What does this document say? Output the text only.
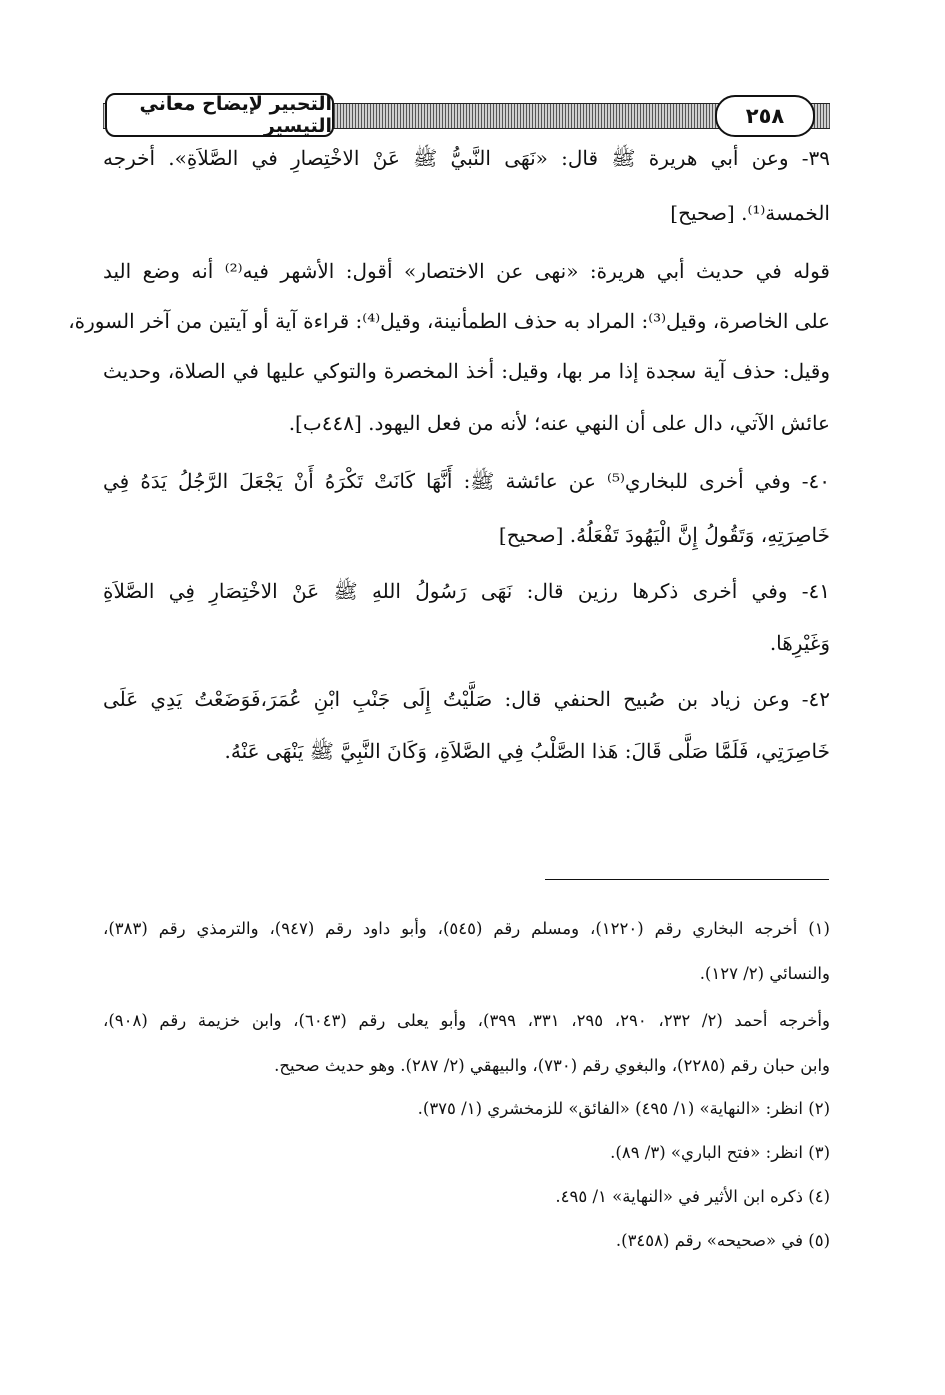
التحبير لإيضاح معاني التيسير	٢٥٨
٣٩- وعن أبي هريرة ﷺ قال: «نَهَى النَّبيُّ ﷺ عَنْ الاخْتِصارِ في الصَّلاَةِ». أخرجه
الخمسة⁽¹⁾. [صحيح]
قوله في حديث أبي هريرة: «نهى عن الاختصار» أقول: الأشهر فيه⁽²⁾ أنه وضع اليد
على الخاصرة، وقيل⁽³⁾: المراد به حذف الطمأنينة، وقيل⁽⁴⁾: قراءة آية أو آيتين من آخر السورة،
وقيل: حذف آية سجدة إذا مر بها، وقيل: أخذ المخصرة والتوكي عليها في الصلاة، وحديث
عائش الآتي، دال على أن النهي عنه؛ لأنه من فعل اليهود. [٤٤٨ب].
٤٠- وفي أخرى للبخاري⁽⁵⁾ عن عائشة ﷺ: أَنَّهَا كَانَتْ تَكْرَهُ أَنْ يَجْعَلَ الرَّجُلُ يَدَهُ فِي
خَاصِرَتِهِ، وَتَقُولُ إِنَّ الْيَهُودَ تَفْعَلُهُ. [صحيح]
٤١- وفي أخرى ذكرها رزين قال: نَهَى رَسُولُ اللهِ ﷺ عَنْ الاخْتِصَارِ فِي الصَّلاَةِ
وَغَيْرِهَا.
٤٢- وعن زياد بن صُبيح الحنفي قال: صَلَّيْتُ إِلَى جَنْبِ ابْنِ عُمَرَ،فَوَضَعْتُ يَدِي عَلَى
خَاصِرَتِي، فَلَمَّا صَلَّى قَالَ: هَذا الصَّلْبُ فِي الصَّلاَةِ، وَكَانَ النَّبِيَّ ﷺ يَنْهَى عَنْهُ.
(١) أخرجه البخاري رقم (١٢٢٠)، ومسلم رقم (٥٤٥)، وأبو داود رقم (٩٤٧)، والترمذي رقم (٣٨٣)،
والنسائي (٢/ ١٢٧).
وأخرجه أحمد (٢/ ٢٣٢، ٢٩٠، ٢٩٥، ٣٣١، ٣٩٩)، وأبو يعلى رقم (٦٠٤٣)، وابن خزيمة رقم (٩٠٨)،
وابن حبان رقم (٢٢٨٥)، والبغوي رقم (٧٣٠)، والبيهقي (٢/ ٢٨٧). وهو حديث صحيح.
(٢) انظر: «النهاية» (١/ ٤٩٥) «الفائق» للزمخشري (١/ ٣٧٥).
(٣) انظر: «فتح الباري» (٣/ ٨٩).
(٤) ذكره ابن الأثير في «النهاية» ١/ ٤٩٥.
(٥) في «صحيحه» رقم (٣٤٥٨).
